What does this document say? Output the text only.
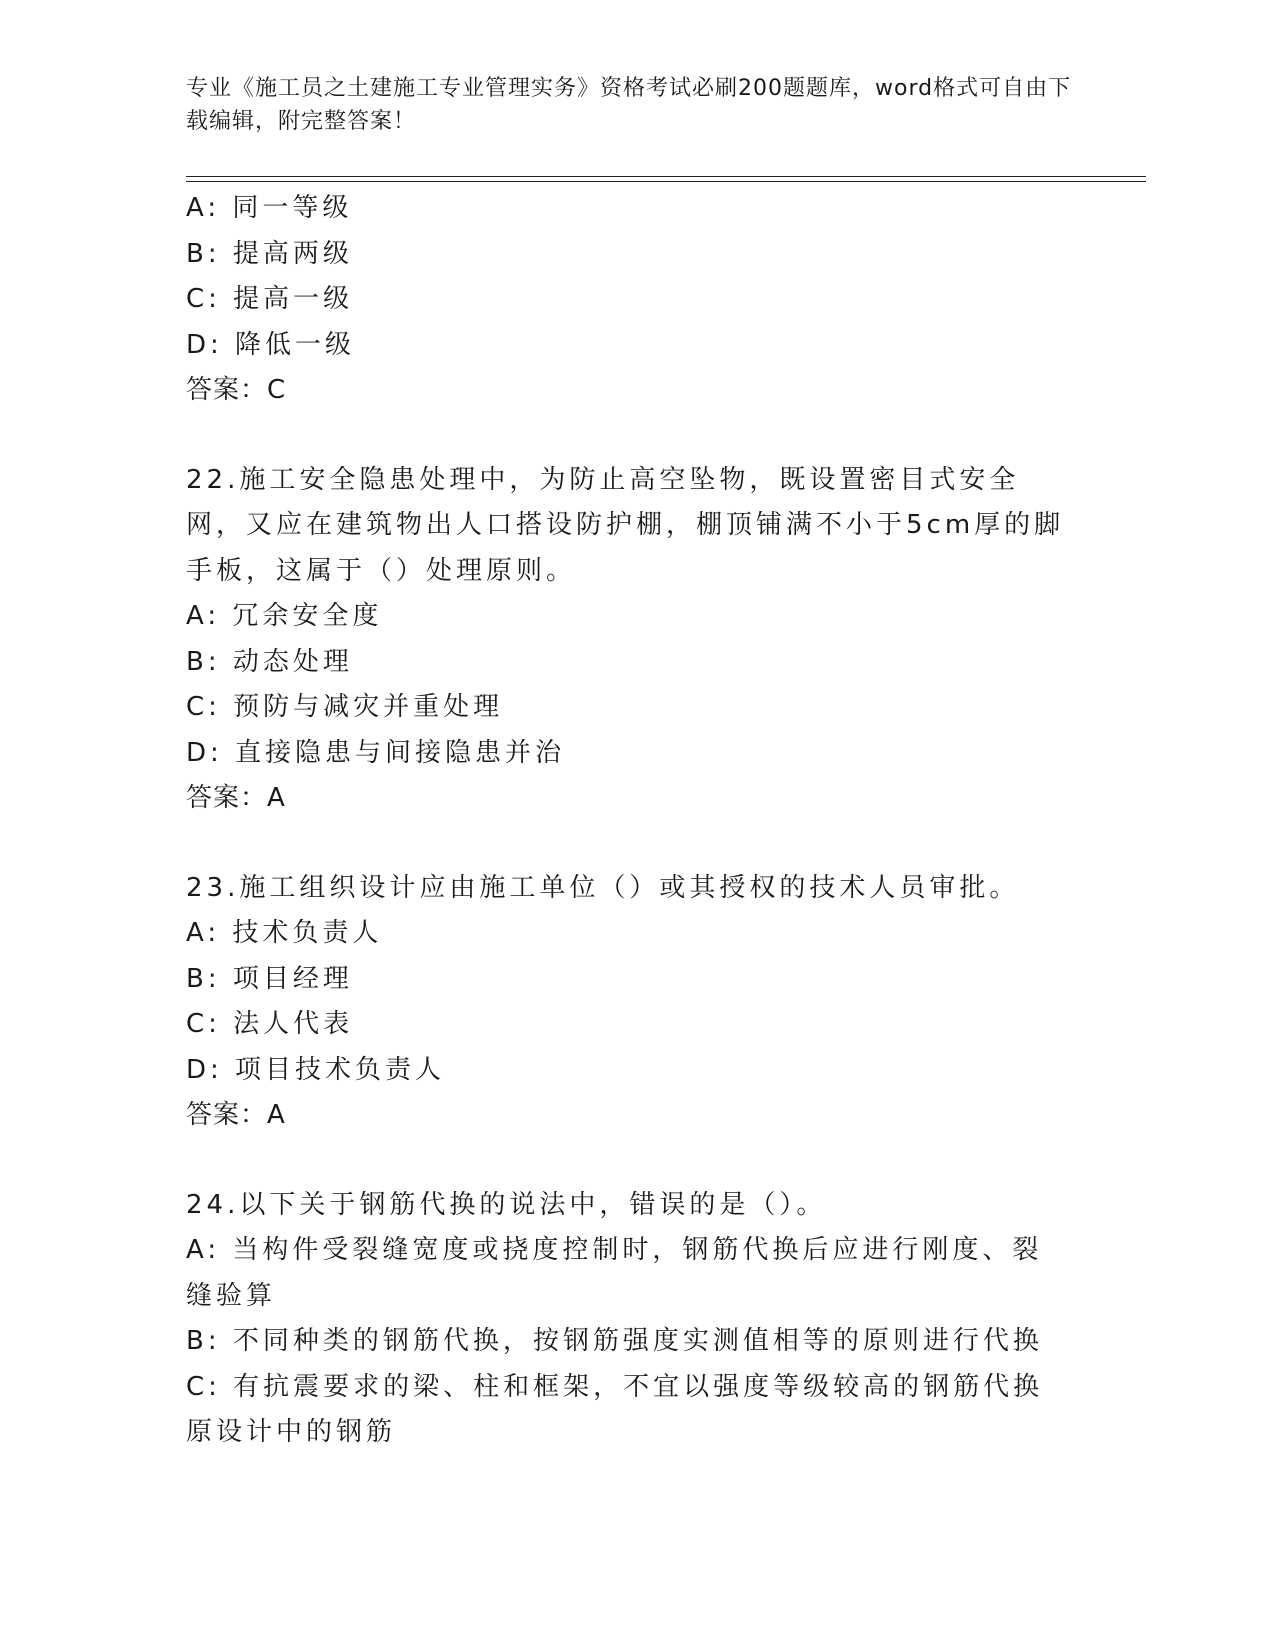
专业《施工员之土建施工专业管理实务》资格考试必刷200题题库，word格式可自由下载编辑，附完整答案！
A: 同一等级
B: 提高两级
C: 提高一级
D: 降低一级
答案：C
22.施工安全隐患处理中，为防止高空坠物，既设置密目式安全网，又应在建筑物出人口搭设防护棚，棚顶铺满不小于5cm厚的脚手板，这属于（）处理原则。
A: 冗余安全度
B: 动态处理
C: 预防与减灾并重处理
D: 直接隐患与间接隐患并治
答案：A
23.施工组织设计应由施工单位（）或其授权的技术人员审批。
A: 技术负责人
B: 项目经理
C: 法人代表
D: 项目技术负责人
答案：A
24.以下关于钢筋代换的说法中，错误的是（）。
A: 当构件受裂缝宽度或挠度控制时，钢筋代换后应进行刚度、裂缝验算
B: 不同种类的钢筋代换，按钢筋强度实测值相等的原则进行代换
C: 有抗震要求的梁、柱和框架，不宜以强度等级较高的钢筋代换原设计中的钢筋
